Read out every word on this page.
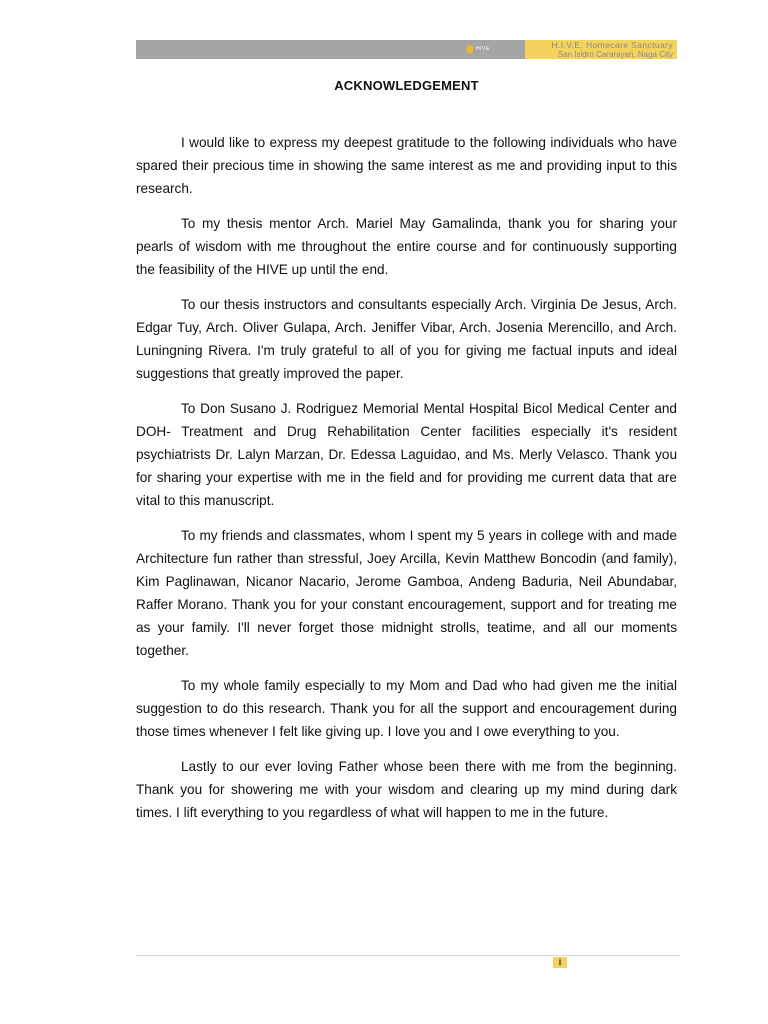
HIVE	H.I.V.E. Homecare Sanctuary
San Isidro Cararayan, Naga City
ACKNOWLEDGEMENT

I would like to express my deepest gratitude to the following individuals who have spared their precious time in showing the same interest as me and providing input to this research.

To my thesis mentor Arch. Mariel May Gamalinda, thank you for sharing your pearls of wisdom with me throughout the entire course and for continuously supporting the feasibility of the HIVE up until the end.

To our thesis instructors and consultants especially Arch. Virginia De Jesus, Arch. Edgar Tuy, Arch. Oliver Gulapa, Arch. Jeniffer Vibar, Arch. Josenia Merencillo, and Arch. Luningning Rivera. I'm truly grateful to all of you for giving me factual inputs and ideal suggestions that greatly improved the paper.

To Don Susano J. Rodriguez Memorial Mental Hospital Bicol Medical Center and DOH- Treatment and Drug Rehabilitation Center facilities especially it's resident psychiatrists Dr. Lalyn Marzan, Dr. Edessa Laguidao, and Ms. Merly Velasco. Thank you for sharing your expertise with me in the field and for providing me current data that are vital to this manuscript.

To my friends and classmates, whom I spent my 5 years in college with and made Architecture fun rather than stressful, Joey Arcilla, Kevin Matthew Boncodin (and family), Kim Paglinawan, Nicanor Nacario, Jerome Gamboa, Andeng Baduria, Neil Abundabar, Raffer Morano. Thank you for your constant encouragement, support and for treating me as your family. I'll never forget those midnight strolls, teatime, and all our moments together.

To my whole family especially to my Mom and Dad who had given me the initial suggestion to do this research. Thank you for all the support and encouragement during those times whenever I felt like giving up. I love you and I owe everything to you.

Lastly to our ever loving Father whose been there with me from the beginning. Thank you for showering me with your wisdom and clearing up my mind during dark times. I lift everything to you regardless of what will happen to me in the future.

i
